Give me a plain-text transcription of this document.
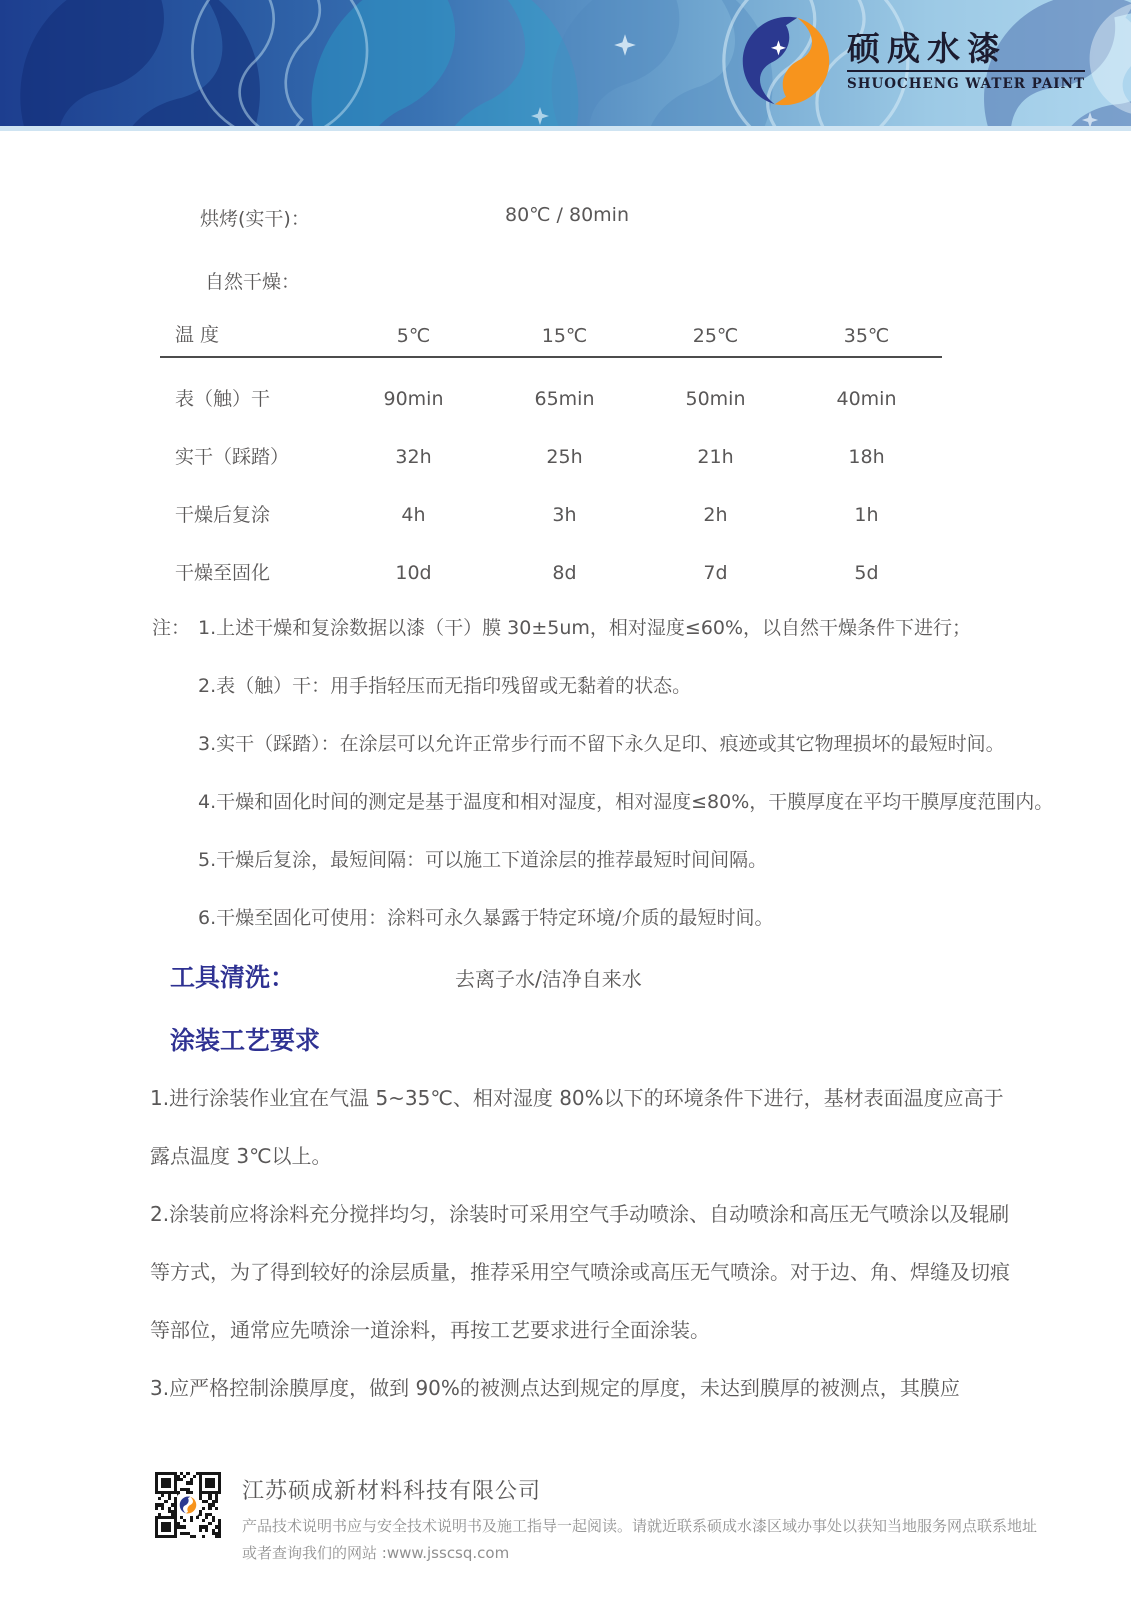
硕成水漆
SHUOCHENG WATER PAINT
烘烤(实干)：	80℃ / 80min
自然干燥：
温 度	5℃	15℃	25℃	35℃
表（触）干	90min	65min	50min	40min
实干（踩踏）	32h	25h	21h	18h
干燥后复涂	4h	3h	2h	1h
干燥至固化	10d	8d	7d	5d
注： 1.上述干燥和复涂数据以漆（干）膜 30±5um，相对湿度≤60%，以自然干燥条件下进行；
2.表（触）干：用手指轻压而无指印残留或无黏着的状态。
3.实干（踩踏）：在涂层可以允许正常步行而不留下永久足印、痕迹或其它物理损坏的最短时间。
4.干燥和固化时间的测定是基于温度和相对湿度，相对湿度≤80%，干膜厚度在平均干膜厚度范围内。
5.干燥后复涂，最短间隔：可以施工下道涂层的推荐最短时间间隔。
6.干燥至固化可使用：涂料可永久暴露于特定环境/介质的最短时间。
工具清洗：	去离子水/洁净自来水
涂装工艺要求

1.进行涂装作业宜在气温 5~35℃、相对湿度 80%以下的环境条件下进行，基材表面温度应高于露点温度 3℃以上。

2.涂装前应将涂料充分搅拌均匀，涂装时可采用空气手动喷涂、自动喷涂和高压无气喷涂以及辊刷等方式，为了得到较好的涂层质量，推荐采用空气喷涂或高压无气喷涂。对于边、角、焊缝及切痕等部位，通常应先喷涂一道涂料，再按工艺要求进行全面涂装。

3.应严格控制涂膜厚度，做到 90%的被测点达到规定的厚度，未达到膜厚的被测点，其膜应

江苏硕成新材料科技有限公司
产品技术说明书应与安全技术说明书及施工指导一起阅读。请就近联系硕成水漆区域办事处以获知当地服务网点联系地址
或者查询我们的网站 :www.jsscsq.com
